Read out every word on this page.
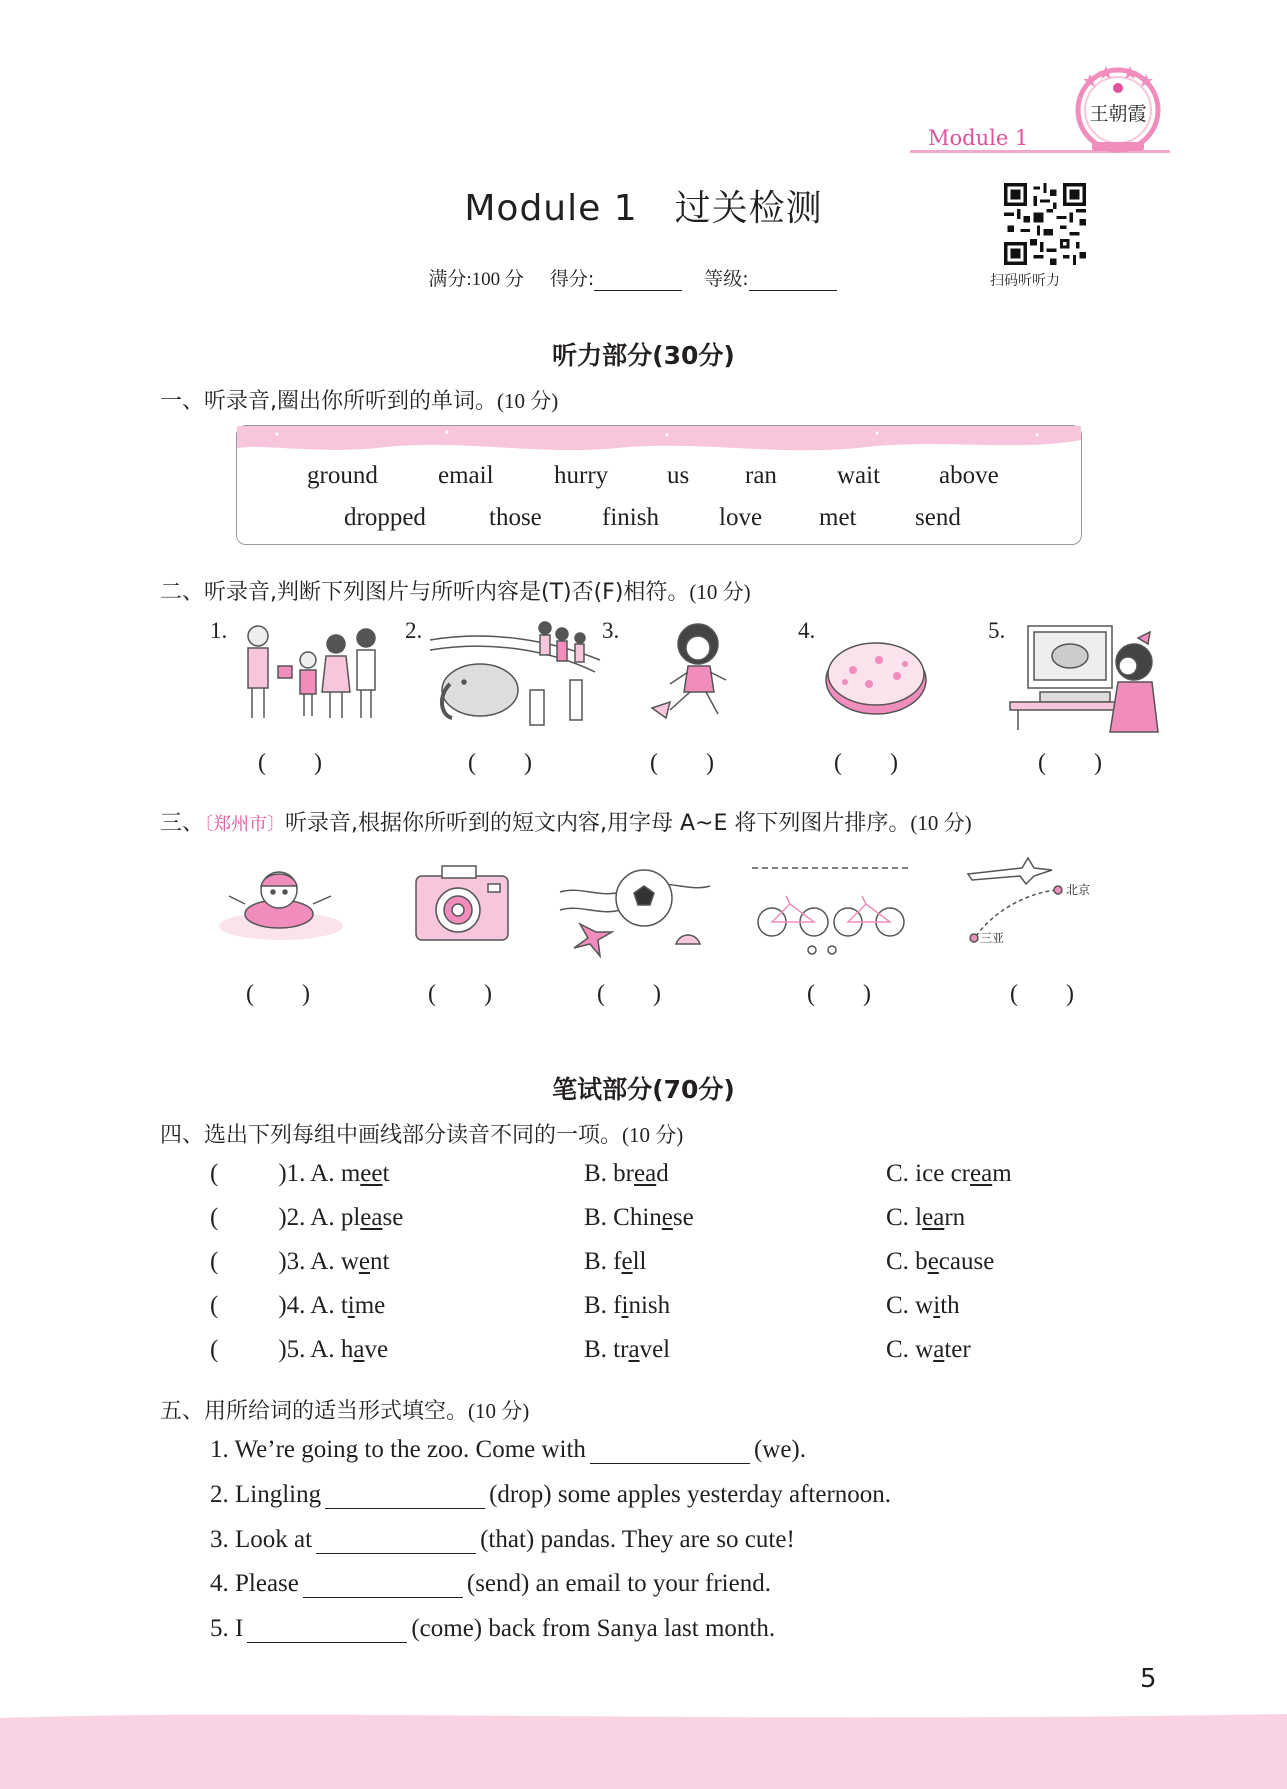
Module 1
王朝霞
Module 1　过关检测
扫码听听力
满分:100 分 得分:	等级:
听力部分(30分)
一、听录音,圈出你所听到的单词。(10 分)
ground email hurry us ran wait above
dropped	those finish love met send
二、听录音,判断下列图片与所听内容是(T)否(F)相符。(10 分)
1.
( )
2.
( )
3.
( )
4.
( )
5.
( )
三、〔郑州市〕听录音,根据你所听到的短文内容,用字母 A~E 将下列图片排序。(10 分)
北京
三亚
( )	( )	( )	( )	( )
笔试部分(70分)
四、选出下列每组中画线部分读音不同的一项。(10 分)
( )1. A. meet	B. bread	C. ice cream
( )2. A. please	B. Chinese	C. learn
( )3. A. went	B. fell	C. because
( )4. A. time	B. finish	C. with
( )5. A. have	B. travel	C. water
五、用所给词的适当形式填空。(10 分)
1. We’re going to the zoo. Come with	(we).
2. Lingling	(drop) some apples yesterday afternoon.
3. Look at	(that) pandas. They are so cute!
4. Please	(send) an email to your friend.
5. I	(come) back from Sanya last month.
5
